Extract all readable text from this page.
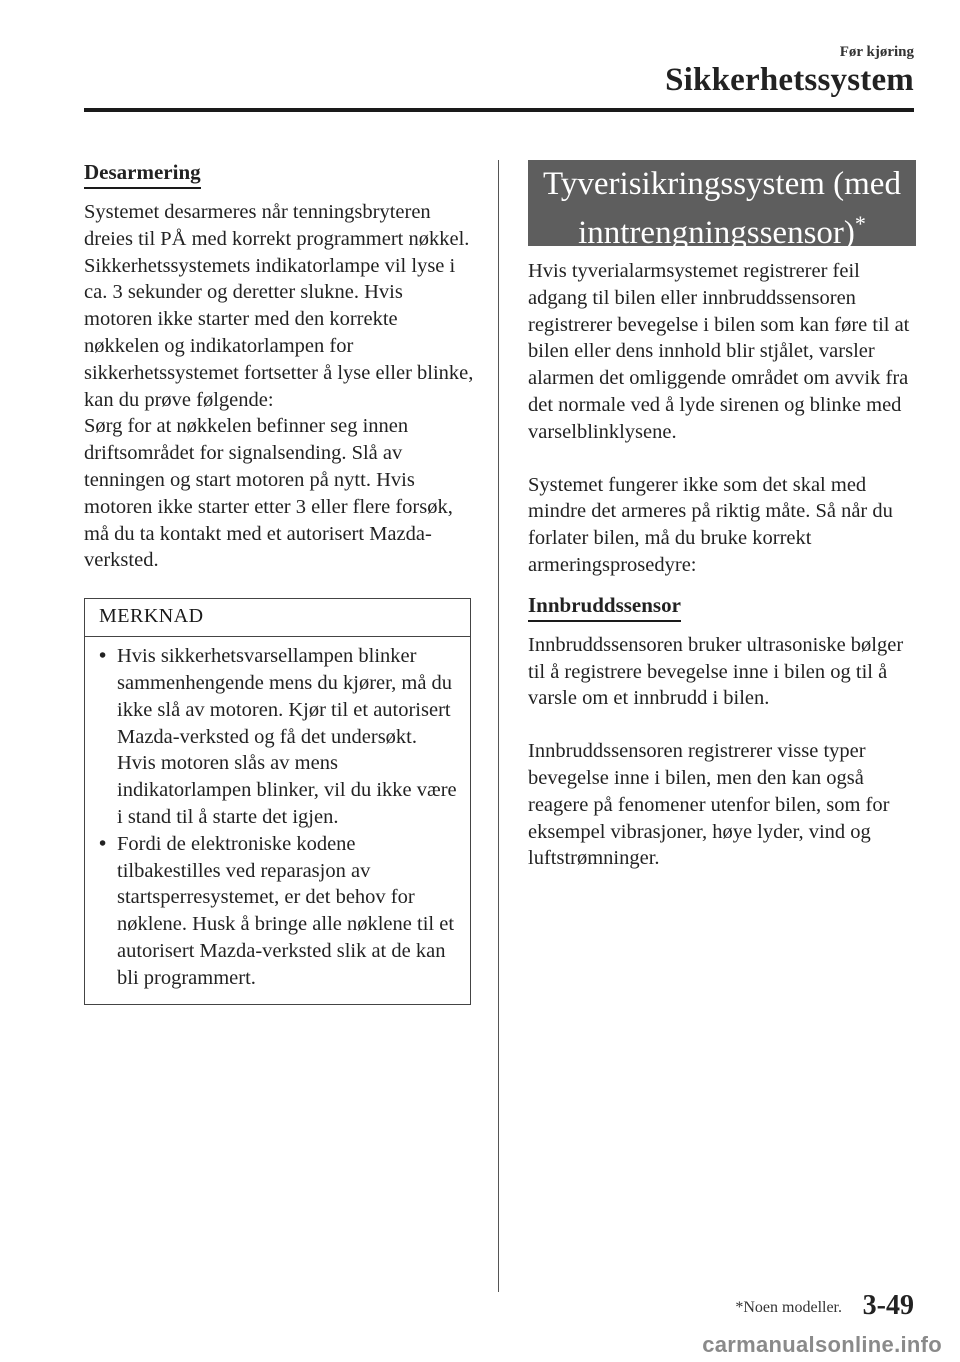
Før kjøring
Sikkerhetssystem
Desarmering

Systemet desarmeres når tenningsbryteren dreies til PÅ med korrekt programmert nøkkel. Sikkerhetssystemets indikatorlampe vil lyse i ca. 3 sekunder og deretter slukne. Hvis motoren ikke starter med den korrekte nøkkelen og indikatorlampen for sikkerhetssystemet fortsetter å lyse eller blinke, kan du prøve følgende:

Sørg for at nøkkelen befinner seg innen driftsområdet for signalsending. Slå av tenningen og start motoren på nytt. Hvis motoren ikke starter etter 3 eller flere forsøk, må du ta kontakt med et autorisert Mazda-verksted.

MERKNAD
• Hvis sikkerhetsvarsellampen blinker sammenhengende mens du kjører, må du ikke slå av motoren. Kjør til et autorisert Mazda-verksted og få det undersøkt. Hvis motoren slås av mens indikatorlampen blinker, vil du ikke være i stand til å starte det igjen.
• Fordi de elektroniske kodene tilbakestilles ved reparasjon av startsperresystemet, er det behov for nøklene. Husk å bringe alle nøklene til et autorisert Mazda-verksted slik at de kan bli programmert.
Tyverisikringssystem (med
inntrengningssensor)*

Hvis tyverialarmsystemet registrerer feil adgang til bilen eller innbruddssensoren registrerer bevegelse i bilen som kan føre til at bilen eller dens innhold blir stjålet, varsler alarmen det omliggende området om avvik fra det normale ved å lyde sirenen og blinke med varselblinklysene.

Systemet fungerer ikke som det skal med mindre det armeres på riktig måte. Så når du forlater bilen, må du bruke korrekt armeringsprosedyre:

Innbruddssensor

Innbruddssensoren bruker ultrasoniske bølger til å registrere bevegelse inne i bilen og til å varsle om et innbrudd i bilen.

Innbruddssensoren registrerer visse typer bevegelse inne i bilen, men den kan også reagere på fenomener utenfor bilen, som for eksempel vibrasjoner, høye lyder, vind og luftstrømninger.

*Noen modeller. 3-49
carmanualsonline.info
